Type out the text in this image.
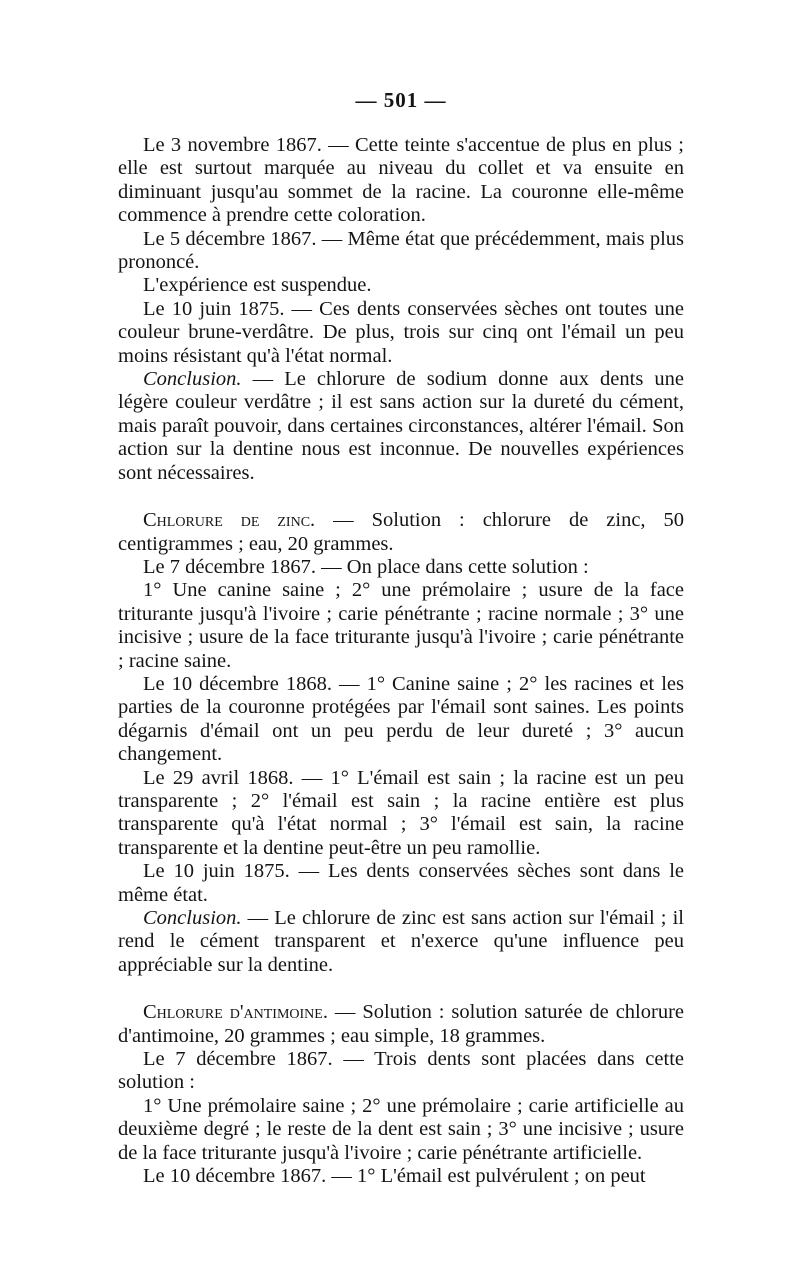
— 501 —

Le 3 novembre 1867. — Cette teinte s'accentue de plus en plus ; elle est surtout marquée au niveau du collet et va ensuite en diminuant jusqu'au sommet de la racine. La couronne elle-même commence à prendre cette coloration.

Le 5 décembre 1867. — Même état que précédemment, mais plus prononcé.

L'expérience est suspendue.

Le 10 juin 1875. — Ces dents conservées sèches ont toutes une couleur brune-verdâtre. De plus, trois sur cinq ont l'émail un peu moins résistant qu'à l'état normal.

Conclusion. — Le chlorure de sodium donne aux dents une légère couleur verdâtre ; il est sans action sur la dureté du cément, mais paraît pouvoir, dans certaines circonstances, altérer l'émail. Son action sur la dentine nous est inconnue. De nouvelles expériences sont nécessaires.

Chlorure de zinc. — Solution : chlorure de zinc, 50 centigrammes ; eau, 20 grammes.

Le 7 décembre 1867. — On place dans cette solution :

1° Une canine saine ; 2° une prémolaire ; usure de la face triturante jusqu'à l'ivoire ; carie pénétrante ; racine normale ; 3° une incisive ; usure de la face triturante jusqu'à l'ivoire ; carie pénétrante ; racine saine.

Le 10 décembre 1868. — 1° Canine saine ; 2° les racines et les parties de la couronne protégées par l'émail sont saines. Les points dégarnis d'émail ont un peu perdu de leur dureté ; 3° aucun changement.

Le 29 avril 1868. — 1° L'émail est sain ; la racine est un peu transparente ; 2° l'émail est sain ; la racine entière est plus transparente qu'à l'état normal ; 3° l'émail est sain, la racine transparente et la dentine peut-être un peu ramollie.

Le 10 juin 1875. — Les dents conservées sèches sont dans le même état.

Conclusion. — Le chlorure de zinc est sans action sur l'émail ; il rend le cément transparent et n'exerce qu'une influence peu appréciable sur la dentine.

Chlorure d'antimoine. — Solution : solution saturée de chlorure d'antimoine, 20 grammes ; eau simple, 18 grammes.

Le 7 décembre 1867. — Trois dents sont placées dans cette solution :

1° Une prémolaire saine ; 2° une prémolaire ; carie artificielle au deuxième degré ; le reste de la dent est sain ; 3° une incisive ; usure de la face triturante jusqu'à l'ivoire ; carie pénétrante artificielle.

Le 10 décembre 1867. — 1° L'émail est pulvérulent ; on peut
